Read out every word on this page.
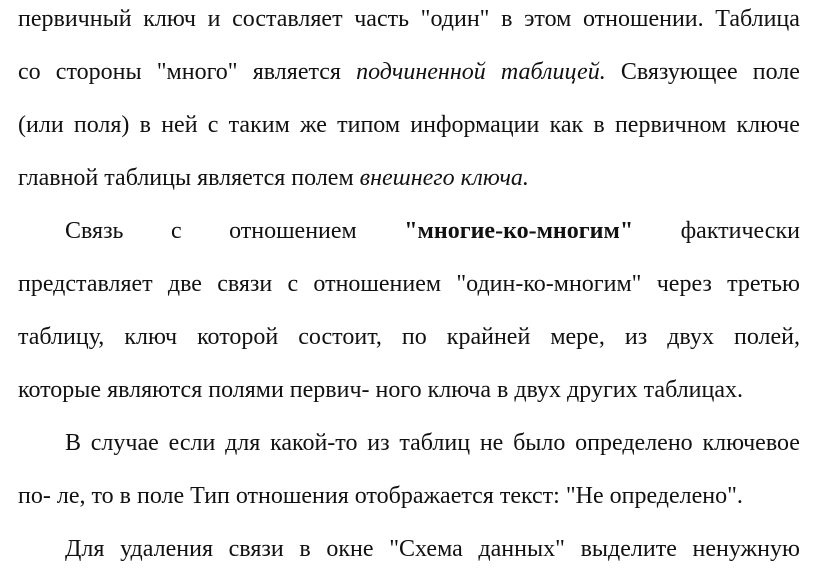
первичный ключ и составляет часть "один" в этом отношении. Таблица
со стороны "много" является подчиненной таблицей. Связующее поле
(или поля) в ней с таким же типом информации как в первичном ключе
главной таблицы является полем внешнего ключа.
Связь с отношением "многие-ко-многим" фактически
представляет две связи с отношением "один-ко-многим" через третью
таблицу, ключ которой состоит, по крайней мере, из двух полей,
которые являются полями первич- ного ключа в двух других таблицах.
В случае если для какой-то из таблиц не было определено ключевое
по- ле, то в поле Тип отношения отображается текст: "Не определено".
Для удаления связи в окне "Схема данных" выделите ненужную
